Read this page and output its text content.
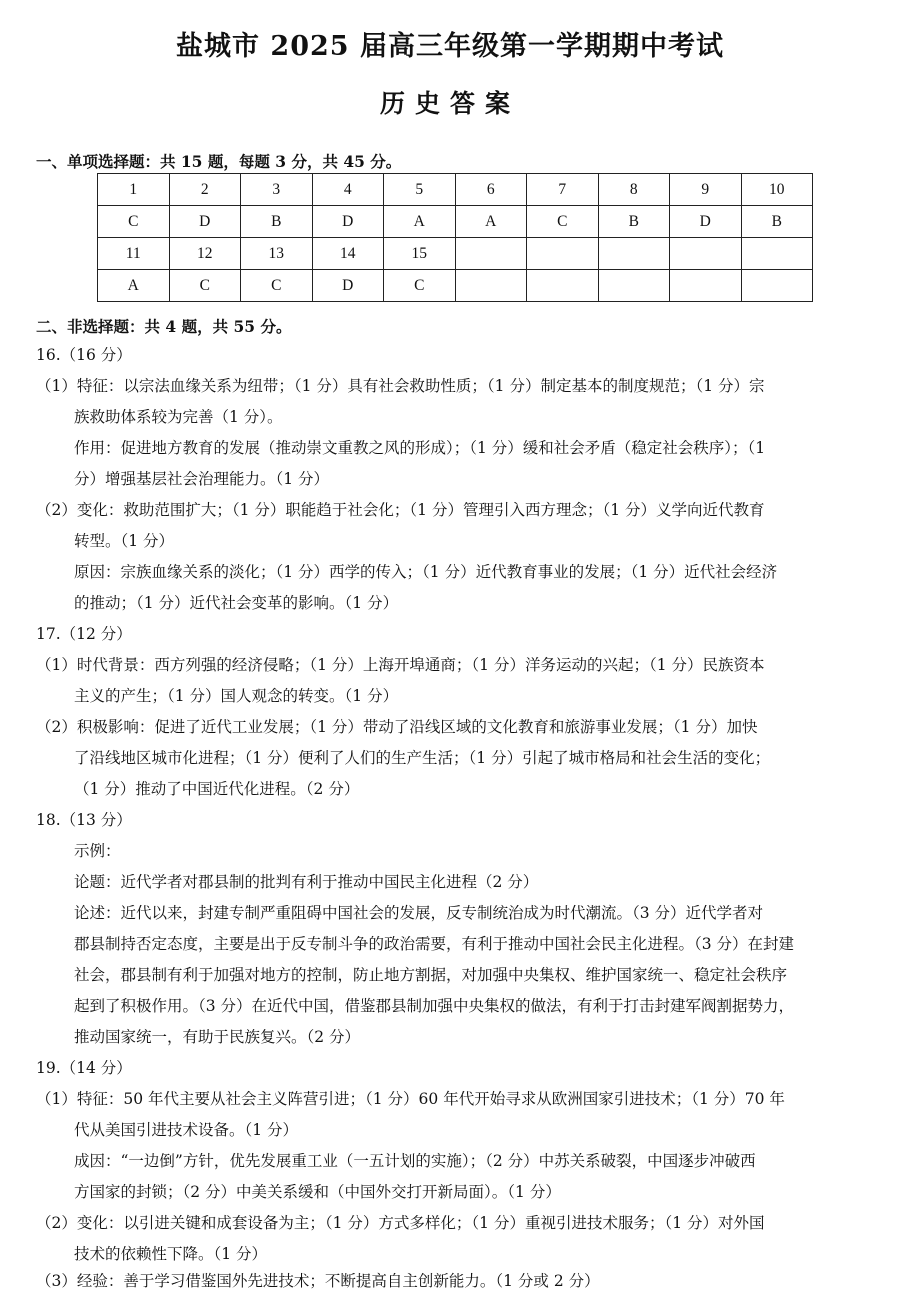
盐城市 2025 届高三年级第一学期期中考试
历史答案
一、单项选择题：共 15 题，每题 3 分，共 45 分。
1	2	3	4	5	6	7	8	9	10
C	D	B	D	A	A	C	B	D	B
11	12	13	14	15					
A	C	C	D	C					
二、非选择题：共 4 题，共 55 分。
16.（16 分）
（1）特征：以宗法血缘关系为纽带；（1 分）具有社会救助性质；（1 分）制定基本的制度规范；（1 分）宗
族救助体系较为完善（1 分）。
作用：促进地方教育的发展（推动崇文重教之风的形成）；（1 分）缓和社会矛盾（稳定社会秩序）；（1
分）增强基层社会治理能力。（1 分）
（2）变化：救助范围扩大；（1 分）职能趋于社会化；（1 分）管理引入西方理念；（1 分）义学向近代教育
转型。（1 分）
原因：宗族血缘关系的淡化；（1 分）西学的传入；（1 分）近代教育事业的发展；（1 分）近代社会经济
的推动；（1 分）近代社会变革的影响。（1 分）
17.（12 分）
（1）时代背景：西方列强的经济侵略；（1 分）上海开埠通商；（1 分）洋务运动的兴起；（1 分）民族资本
主义的产生；（1 分）国人观念的转变。（1 分）
（2）积极影响：促进了近代工业发展；（1 分）带动了沿线区域的文化教育和旅游事业发展；（1 分）加快
了沿线地区城市化进程；（1 分）便利了人们的生产生活；（1 分）引起了城市格局和社会生活的变化；
（1 分）推动了中国近代化进程。（2 分）
18.（13 分）
示例：
论题：近代学者对郡县制的批判有利于推动中国民主化进程（2 分）
论述：近代以来，封建专制严重阻碍中国社会的发展，反专制统治成为时代潮流。（3 分）近代学者对
郡县制持否定态度，主要是出于反专制斗争的政治需要，有利于推动中国社会民主化进程。（3 分）在封建
社会，郡县制有利于加强对地方的控制，防止地方割据，对加强中央集权、维护国家统一、稳定社会秩序
起到了积极作用。（3 分）在近代中国，借鉴郡县制加强中央集权的做法，有利于打击封建军阀割据势力，
推动国家统一，有助于民族复兴。（2 分）
19.（14 分）
（1）特征：50 年代主要从社会主义阵营引进；（1 分）60 年代开始寻求从欧洲国家引进技术；（1 分）70 年
代从美国引进技术设备。（1 分）
成因：“一边倒”方针，优先发展重工业（一五计划的实施）；（2 分）中苏关系破裂，中国逐步冲破西
方国家的封锁；（2 分）中美关系缓和（中国外交打开新局面）。（1 分）
（2）变化：以引进关键和成套设备为主；（1 分）方式多样化；（1 分）重视引进技术服务；（1 分）对外国
技术的依赖性下降。（1 分）
（3）经验：善于学习借鉴国外先进技术；不断提高自主创新能力。（1 分或 2 分）
